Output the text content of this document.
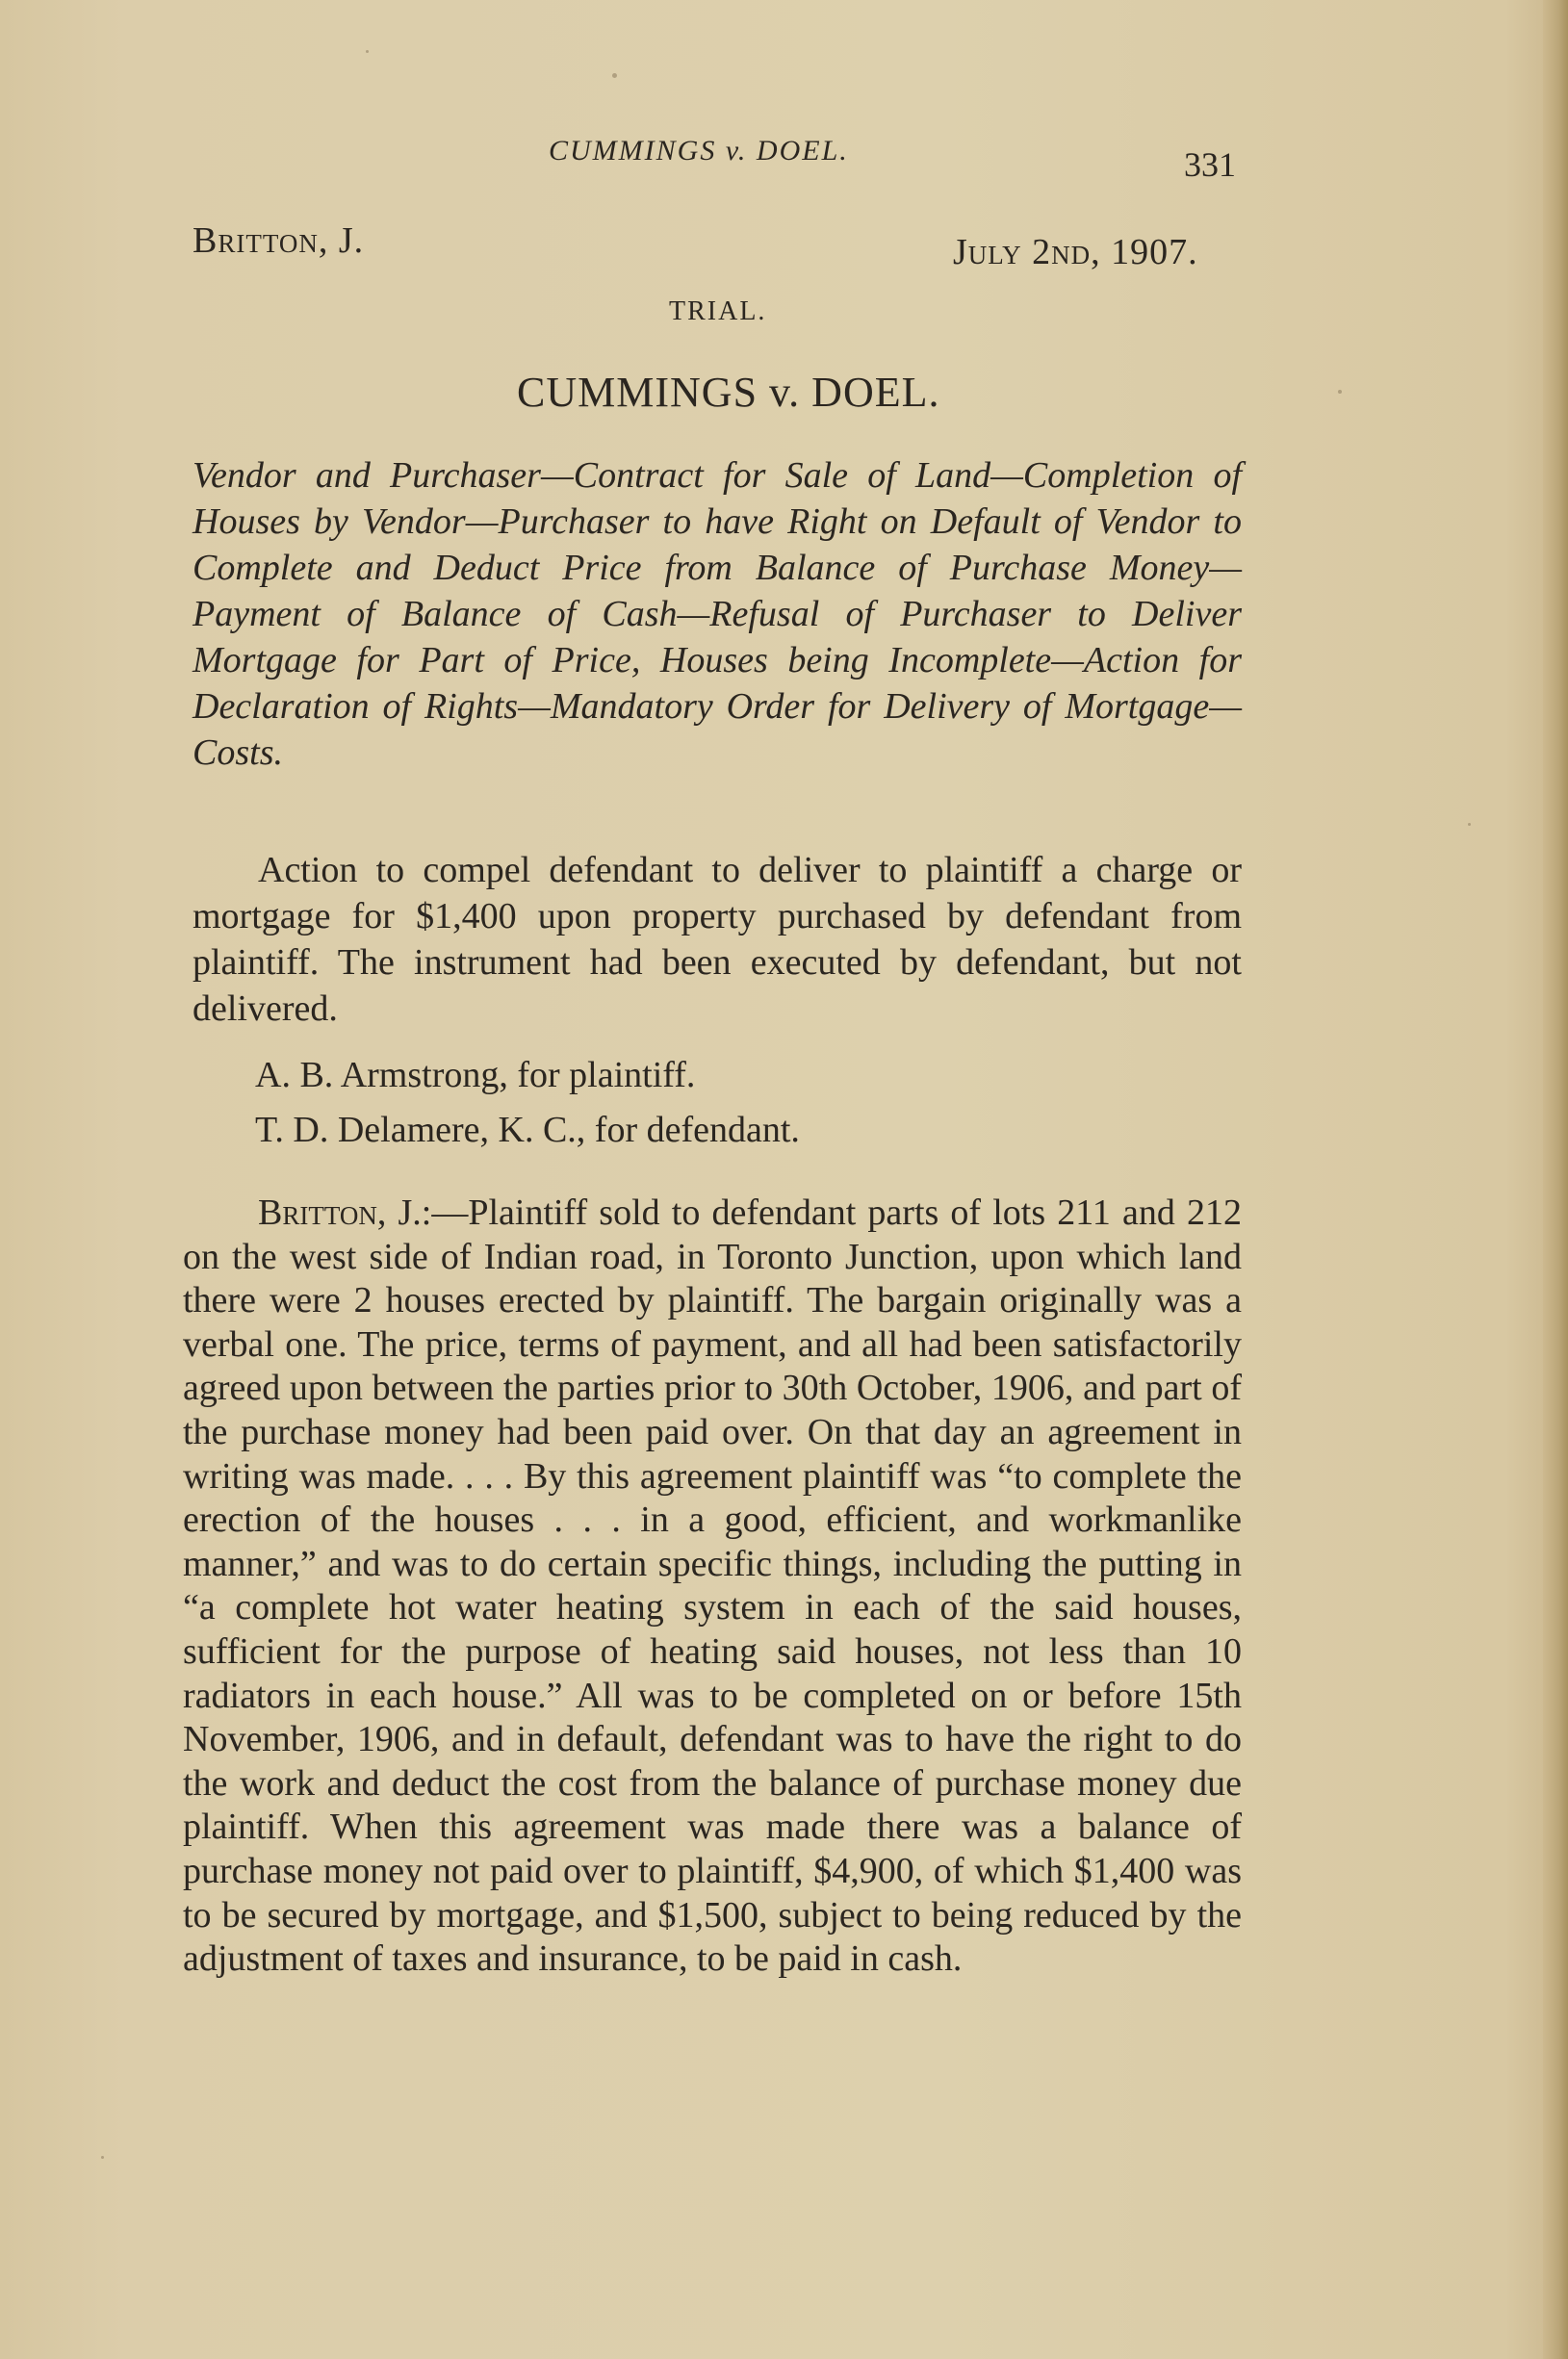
CUMMINGS v. DOEL.	331
Britton, J.	July 2nd, 1907.
TRIAL.
CUMMINGS v. DOEL.

Vendor and Purchaser—Contract for Sale of Land—Completion of Houses by Vendor—Purchaser to have Right on Default of Vendor to Complete and Deduct Price from Balance of Purchase Money—Payment of Balance of Cash—Refusal of Purchaser to Deliver Mortgage for Part of Price, Houses being Incomplete—Action for Declaration of Rights—Mandatory Order for Delivery of Mortgage—Costs.

Action to compel defendant to deliver to plaintiff a charge or mortgage for $1,400 upon property purchased by defendant from plaintiff. The instrument had been executed by defendant, but not delivered.

A. B. Armstrong, for plaintiff.
T. D. Delamere, K. C., for defendant.

Britton, J.:—Plaintiff sold to defendant parts of lots 211 and 212 on the west side of Indian road, in Toronto Junction, upon which land there were 2 houses erected by plaintiff. The bargain originally was a verbal one. The price, terms of payment, and all had been satisfactorily agreed upon between the parties prior to 30th October, 1906, and part of the purchase money had been paid over. On that day an agreement in writing was made. . . . By this agreement plaintiff was “to complete the erection of the houses . . . in a good, efficient, and workmanlike manner,” and was to do certain specific things, including the putting in “a complete hot water heating system in each of the said houses, sufficient for the purpose of heating said houses, not less than 10 radiators in each house.” All was to be completed on or before 15th November, 1906, and in default, defendant was to have the right to do the work and deduct the cost from the balance of purchase money due plaintiff. When this agreement was made there was a balance of purchase money not paid over to plaintiff, $4,900, of which $1,400 was to be secured by mortgage, and $1,500, subject to being reduced by the adjustment of taxes and insurance, to be paid in cash.
